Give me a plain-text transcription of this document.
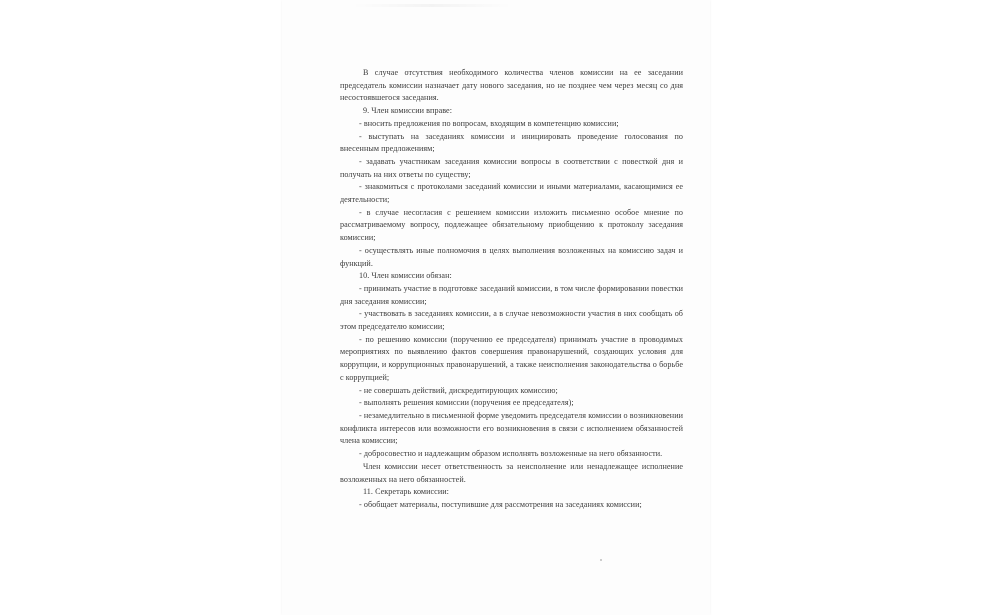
В случае отсутствия необходимого количества членов комиссии на ее заседании председатель комиссии назначает дату нового заседания, но не позднее чем через месяц со дня несостоявшегося заседания.

9. Член комиссии вправе:

- вносить предложения по вопросам, входящим в компетенцию комиссии;

- выступать на заседаниях комиссии и инициировать проведение голосования по внесенным предложениям;

- задавать участникам заседания комиссии вопросы в соответствии с повесткой дня и получать на них ответы по существу;

- знакомиться с протоколами заседаний комиссии и иными материалами, касающимися ее деятельности;

- в случае несогласия с решением комиссии изложить письменно особое мнение по рассматриваемому вопросу, подлежащее обязательному приобщению к протоколу заседания комиссии;

- осуществлять иные полномочия в целях выполнения возложенных на комиссию задач и функций.

10. Член комиссии обязан:

- принимать участие в подготовке заседаний комиссии, в том числе формировании повестки дня заседания комиссии;

- участвовать в заседаниях комиссии, а в случае невозможности участия в них сообщать об этом председателю комиссии;

- по решению комиссии (поручению ее председателя) принимать участие в проводимых мероприятиях по выявлению фактов совершения правонарушений, создающих условия для коррупции, и коррупционных правонарушений, а также неисполнения законодательства о борьбе с коррупцией;

- не совершать действий, дискредитирующих комиссию;

- выполнять решения комиссии (поручения ее председателя);

- незамедлительно в письменной форме уведомить председателя комиссии о возникновении конфликта интересов или возможности его возникновения в связи с исполнением обязанностей члена комиссии;

- добросовестно и надлежащим образом исполнять возложенные на него обязанности.

Член комиссии несет ответственность за неисполнение или ненадлежащее исполнение возложенных на него обязанностей.

11. Секретарь комиссии:

- обобщает материалы, поступившие для рассмотрения на заседаниях комиссии;
